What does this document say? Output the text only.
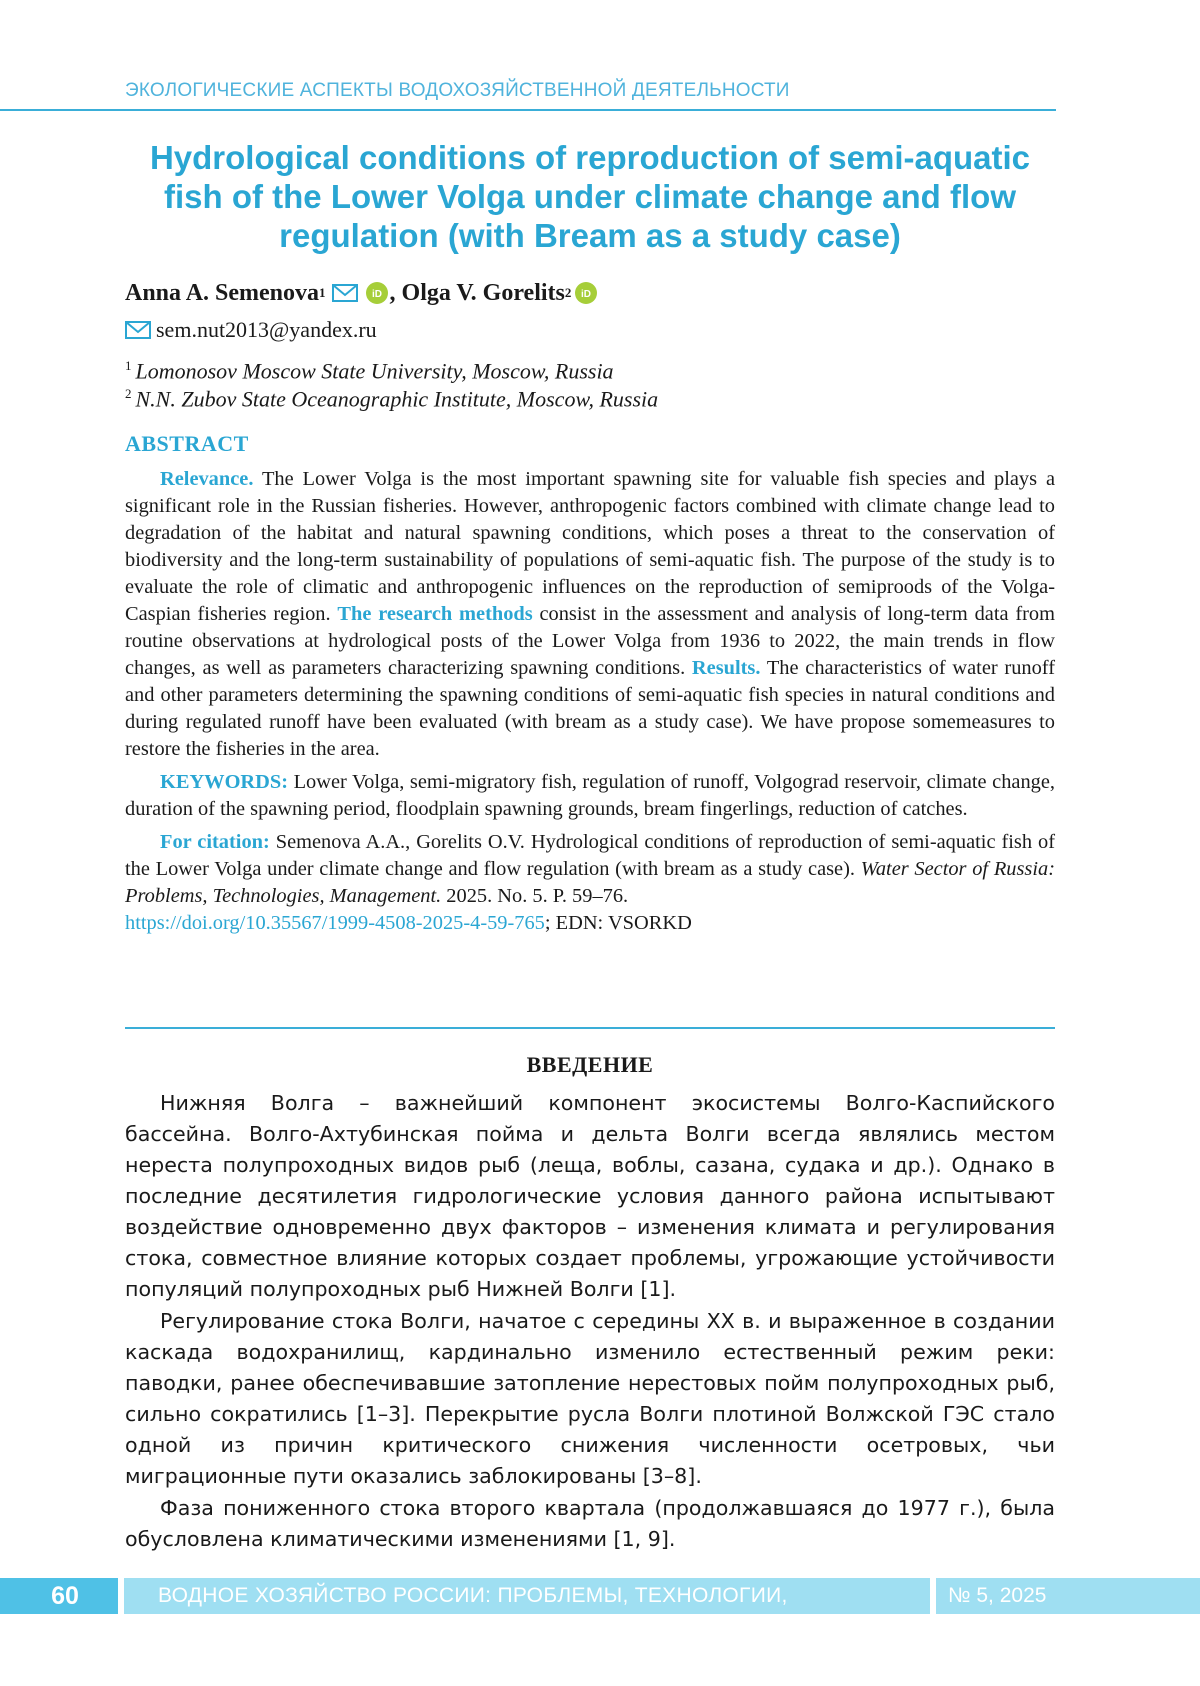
ЭКОЛОГИЧЕСКИЕ АСПЕКТЫ ВОДОХОЗЯЙСТВЕННОЙ ДЕЯТЕЛЬНОСТИ
Hydrological conditions of reproduction of semi-aquatic
fish of the Lower Volga under climate change and flow
regulation (with Bream as a study case)
Anna A. Semenova 1	iD , Olga V. Gorelits 2 iD
sem.nut2013@yandex.ru
$^1$ Lomonosov Moscow State University, Moscow, Russia
$^2$ N.N. Zubov State Oceanographic Institute, Moscow, Russia
ABSTRACT

Relevance. The Lower Volga is the most important spawning site for valuable fish species and plays a significant role in the Russian fisheries. However, anthropogenic factors combined with climate change lead to degradation of the habitat and natural spawning conditions, which poses a threat to the conservation of biodiversity and the long-term sustainability of populations of semi-aquatic fish. The purpose of the study is to evaluate the role of climatic and anthropogenic influences on the reproduction of semiproods of the Volga-Caspian fisheries region. The research methods consist in the assessment and analysis of long-term data from routine observations at hydrological posts of the Lower Volga from 1936 to 2022, the main trends in flow changes, as well as parameters characterizing spawning conditions. Results. The characteristics of water runoff and other parameters determining the spawning conditions of semi-aquatic fish species in natural conditions and during regulated runoff have been evaluated (with bream as a study case). We have propose somemeasures to restore the fisheries in the area.

KEYWORDS: Lower Volga, semi-migratory fish, regulation of runoff, Volgograd reservoir, climate change, duration of the spawning period, floodplain spawning grounds, bream fingerlings, reduction of catches.

For citation: Semenova A.A., Gorelits O.V. Hydrological conditions of reproduction of semi-aquatic fish of the Lower Volga under climate change and flow regulation (with bream as a study case). Water Sector of Russia: Problems, Technologies, Management. 2025. No. 5. P. 59–76.
https://doi.org/10.35567/1999-4508-2025-4-59-765; EDN: VSORKD

ВВЕДЕНИЕ

Нижняя Волга – важнейший компонент экосистемы Волго-Каспийского бассейна. Волго-Ахтубинская пойма и дельта Волги всегда являлись местом нереста полупроходных видов рыб (леща, воблы, сазана, судака и др.). Однако в последние десятилетия гидрологические условия данного района испытывают воздействие одновременно двух факторов – изменения климата и регулирования стока, совместное влияние которых создает проблемы, угрожающие устойчивости популяций полупроходных рыб Нижней Волги [1].

Регулирование стока Волги, начатое с середины XX в. и выраженное в создании каскада водохранилищ, кардинально изменило естественный режим реки: паводки, ранее обеспечивавшие затопление нерестовых пойм полупроходных рыб, сильно сократились [1–3]. Перекрытие русла Волги плотиной Волжской ГЭС стало одной из причин критического снижения численности осетровых, чьи миграционные пути оказались заблокированы [3–8].

Фаза пониженного стока второго квартала (продолжавшаяся до 1977 г.), была обусловлена климатическими изменениями [1, 9].

60	ВОДНОЕ ХОЗЯЙСТВО РОССИИ: ПРОБЛЕМЫ, ТЕХНОЛОГИИ, УПРАВЛЕНИЕ
№ 5, 2025
